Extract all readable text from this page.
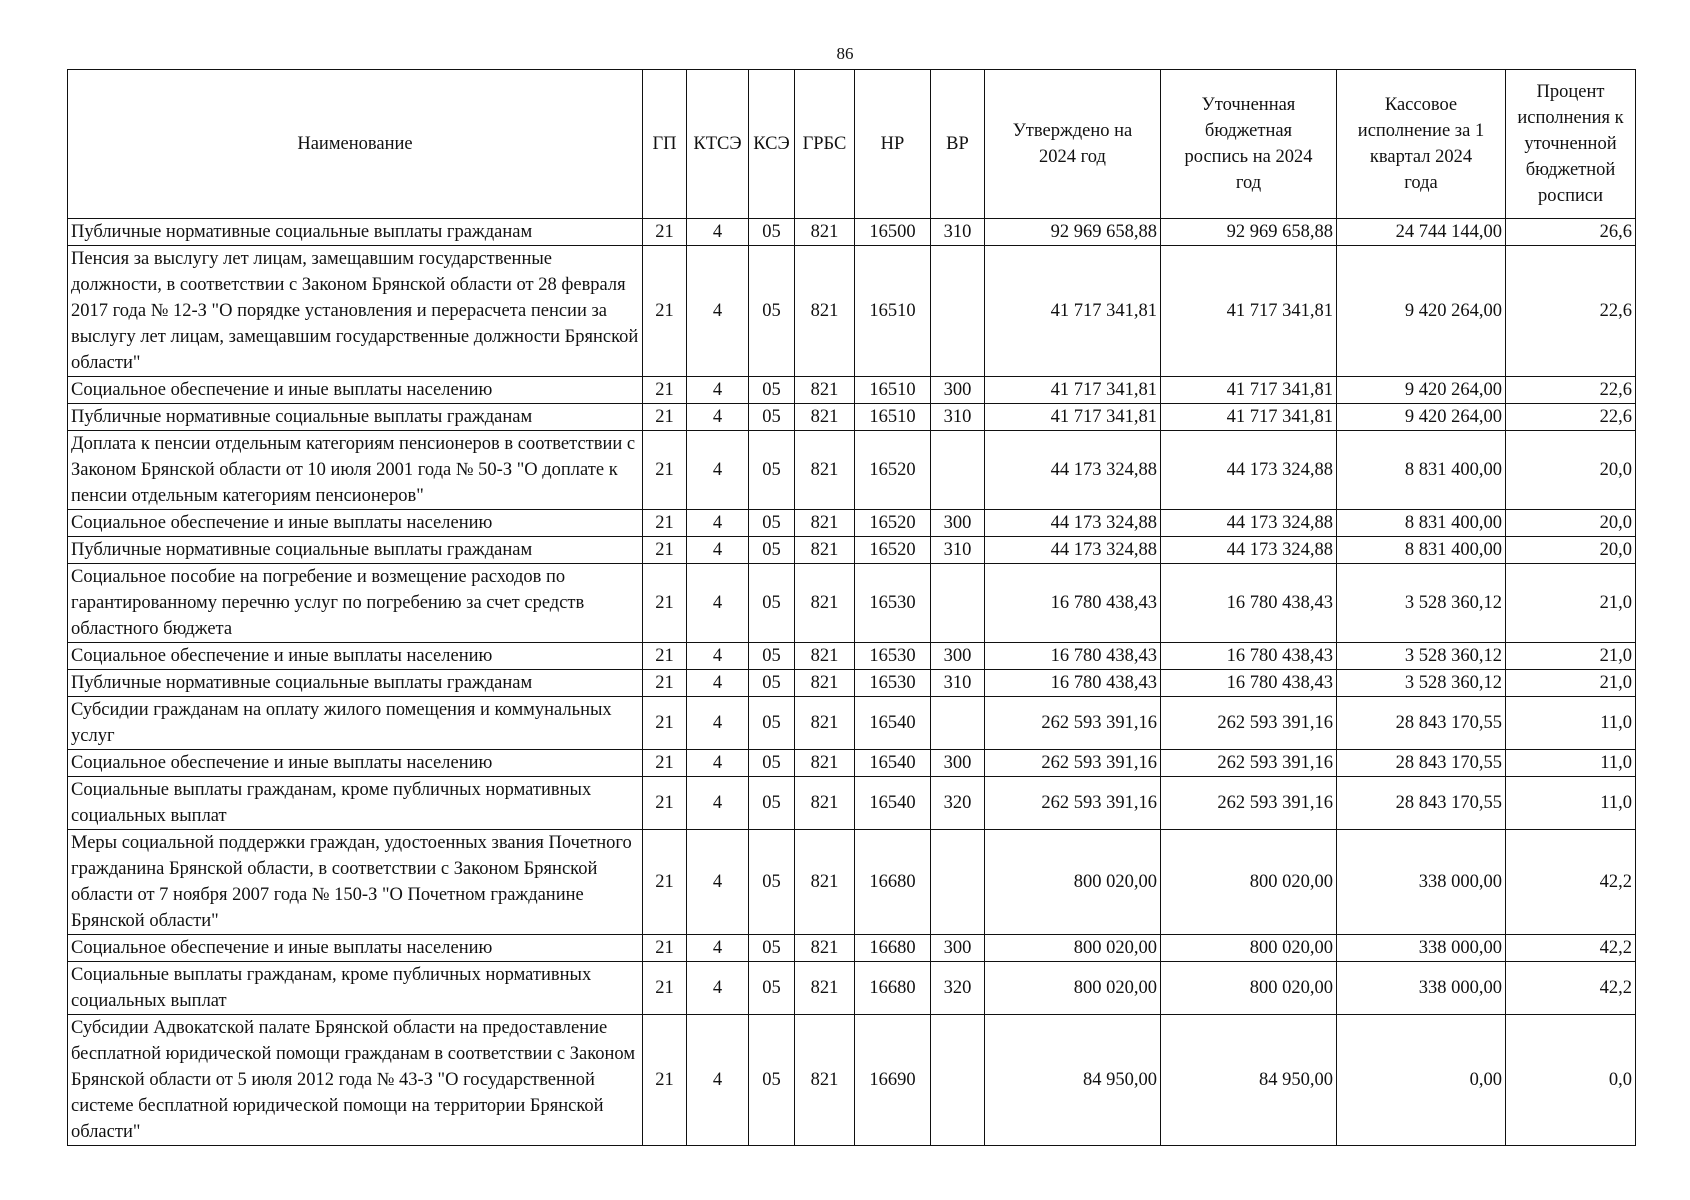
86
Наименование	ГП	КТСЭ	КСЭ	ГРБС	НР	ВР	Утверждено на 2024 год	Уточненная бюджетная роспись на 2024 год	Кассовое исполнение за 1 квартал 2024 года	Процент исполнения к уточненной бюджетной росписи
Публичные нормативные социальные выплаты гражданам	21	4	05	821	16500	310	92 969 658,88	92 969 658,88	24 744 144,00	26,6
Пенсия за выслугу лет лицам, замещавшим государственные должности, в соответствии с Законом Брянской области от 28 февраля 2017 года № 12-З "О порядке установления и перерасчета пенсии за выслугу лет лицам, замещавшим государственные должности Брянской области"	21	4	05	821	16510		41 717 341,81	41 717 341,81	9 420 264,00	22,6
Социальное обеспечение и иные выплаты населению	21	4	05	821	16510	300	41 717 341,81	41 717 341,81	9 420 264,00	22,6
Публичные нормативные социальные выплаты гражданам	21	4	05	821	16510	310	41 717 341,81	41 717 341,81	9 420 264,00	22,6
Доплата к пенсии отдельным категориям пенсионеров в соответствии с Законом Брянской области от 10 июля 2001 года № 50-З "О доплате к пенсии отдельным категориям пенсионеров"	21	4	05	821	16520		44 173 324,88	44 173 324,88	8 831 400,00	20,0
Социальное обеспечение и иные выплаты населению	21	4	05	821	16520	300	44 173 324,88	44 173 324,88	8 831 400,00	20,0
Публичные нормативные социальные выплаты гражданам	21	4	05	821	16520	310	44 173 324,88	44 173 324,88	8 831 400,00	20,0
Социальное пособие на погребение и возмещение расходов по гарантированному перечню услуг по погребению за счет средств областного бюджета	21	4	05	821	16530		16 780 438,43	16 780 438,43	3 528 360,12	21,0
Социальное обеспечение и иные выплаты населению	21	4	05	821	16530	300	16 780 438,43	16 780 438,43	3 528 360,12	21,0
Публичные нормативные социальные выплаты гражданам	21	4	05	821	16530	310	16 780 438,43	16 780 438,43	3 528 360,12	21,0
Субсидии гражданам на оплату жилого помещения и коммунальных услуг	21	4	05	821	16540		262 593 391,16	262 593 391,16	28 843 170,55	11,0
Социальное обеспечение и иные выплаты населению	21	4	05	821	16540	300	262 593 391,16	262 593 391,16	28 843 170,55	11,0
Социальные выплаты гражданам, кроме публичных нормативных социальных выплат	21	4	05	821	16540	320	262 593 391,16	262 593 391,16	28 843 170,55	11,0
Меры социальной поддержки граждан, удостоенных звания Почетного гражданина Брянской области, в соответствии с Законом Брянской области от 7 ноября 2007 года № 150-З "О Почетном гражданине Брянской области"	21	4	05	821	16680		800 020,00	800 020,00	338 000,00	42,2
Социальное обеспечение и иные выплаты населению	21	4	05	821	16680	300	800 020,00	800 020,00	338 000,00	42,2
Социальные выплаты гражданам, кроме публичных нормативных социальных выплат	21	4	05	821	16680	320	800 020,00	800 020,00	338 000,00	42,2
Субсидии Адвокатской палате Брянской области на предоставление бесплатной юридической помощи гражданам в соответствии с Законом Брянской области от 5 июля 2012 года № 43-З "О государственной системе бесплатной юридической помощи на территории Брянской области"	21	4	05	821	16690		84 950,00	84 950,00	0,00	0,0
